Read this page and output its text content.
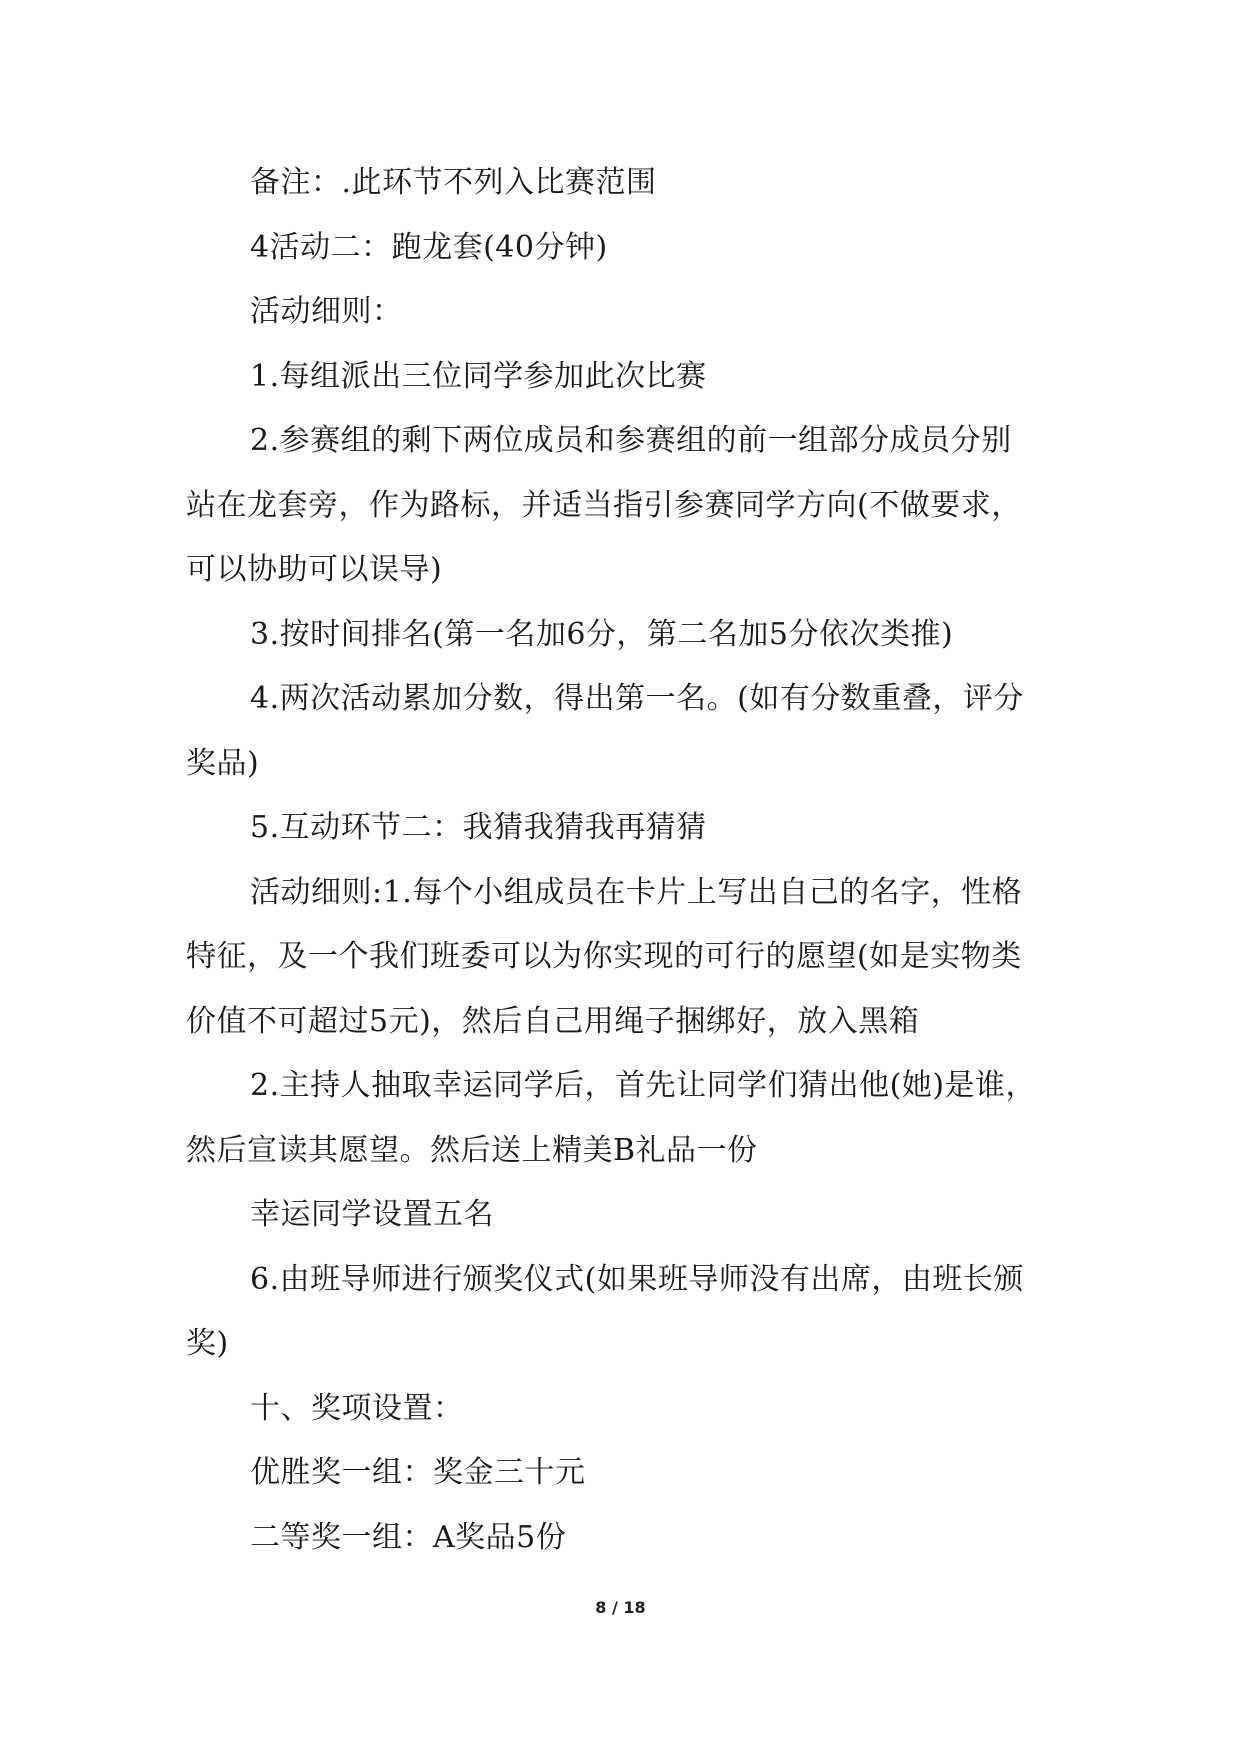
备注：.此环节不列入比赛范围
4活动二：跑龙套(40分钟)
活动细则：
1.每组派出三位同学参加此次比赛
2.参赛组的剩下两位成员和参赛组的前一组部分成员分别
站在龙套旁，作为路标，并适当指引参赛同学方向(不做要求，
可以协助可以误导)
3.按时间排名(第一名加6分，第二名加5分依次类推)
4.两次活动累加分数，得出第一名。(如有分数重叠，评分
奖品)
5.互动环节二：我猜我猜我再猜猜
活动细则:1.每个小组成员在卡片上写出自己的名字，性格
特征，及一个我们班委可以为你实现的可行的愿望(如是实物类
价值不可超过5元)，然后自己用绳子捆绑好，放入黑箱
2.主持人抽取幸运同学后，首先让同学们猜出他(她)是谁，
然后宣读其愿望。然后送上精美B礼品一份
幸运同学设置五名
6.由班导师进行颁奖仪式(如果班导师没有出席，由班长颁
奖)
十、奖项设置：
优胜奖一组：奖金三十元
二等奖一组：A奖品5份
8 / 18
